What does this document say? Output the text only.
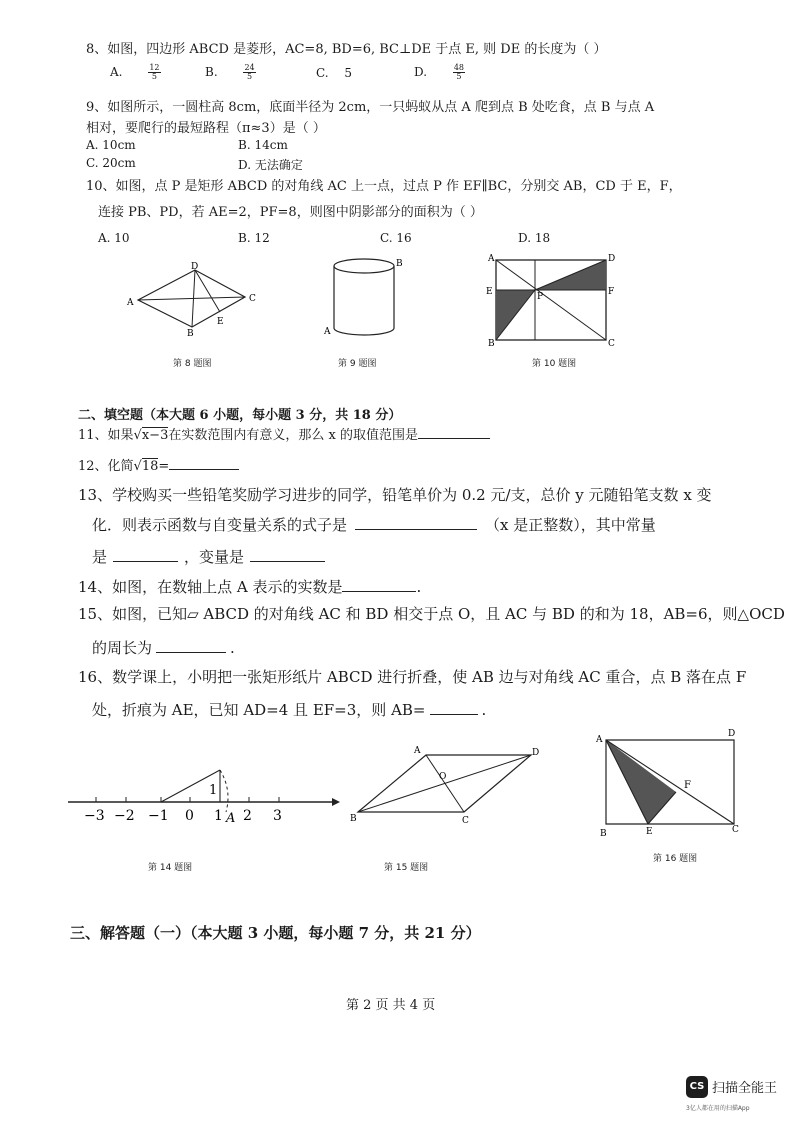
8、如图，四边形 ABCD 是菱形，AC=8, BD=6, BC⊥DE 于点 E, 则 DE 的长度为（ ）
A.	$\frac{12}{5}$	B.	$\frac{24}{5}$	C. 5	D.	$\frac{48}{5}$
9、如图所示，一圆柱高 8cm，底面半径为 2cm，一只蚂蚁从点 A 爬到点 B 处吃食，点 B 与点 A
相对，要爬行的最短路程（π≈3）是（ ）
A. 10cm	B. 14cm
C. 20cm	D. 无法确定
10、如图，点 P 是矩形 ABCD 的对角线 AC 上一点，过点 P 作 EF∥BC，分别交 AB，CD 于 E，F，
连接 PB、PD，若 AE=2，PF=8，则图中阴影部分的面积为（ ）
A. 10	B. 12	C. 16	D. 18
A
B
C
D
E
A
B	A
B	C
D
E	F
P
第 8 题图	第 9 题图	第 10 题图
二、填空题（本大题 6 小题，每小题 3 分，共 18 分）
11、如果√x−3在实数范围内有意义，那么 x 的取值范围是
12、化简√18=
13、学校购买一些铅笔奖励学习进步的同学，铅笔单价为 0.2 元/支，总价 y 元随铅笔支数 x 变
化．则表示函数与自变量关系的式子是	（x 是正整数），其中常量
是	，变量是
14、如图，在数轴上点 A 表示的实数是	.
15、如图，已知▱ ABCD 的对角线 AC 和 BD 相交于点 O，且 AC 与 BD 的和为 18，AB=6，则△OCD
的周长为	.
16、数学课上，小明把一张矩形纸片 ABCD 进行折叠，使 AB 边与对角线 AC 重合，点 B 落在点 F
处，折痕为 AE，已知 AD=4 且 EF=3，则 AB=	.
1
−3 −2 −1 0 1 2 3
A
A
B	C
D
O
A
B	C
D
E
F
第 14 题图	第 15 题图
第 16 题图
三、解答题（一）（本大题 3 小题，每小题 7 分，共 21 分）
第 2 页 共 4 页
CS 扫描全能王
3亿人都在用的扫描App
